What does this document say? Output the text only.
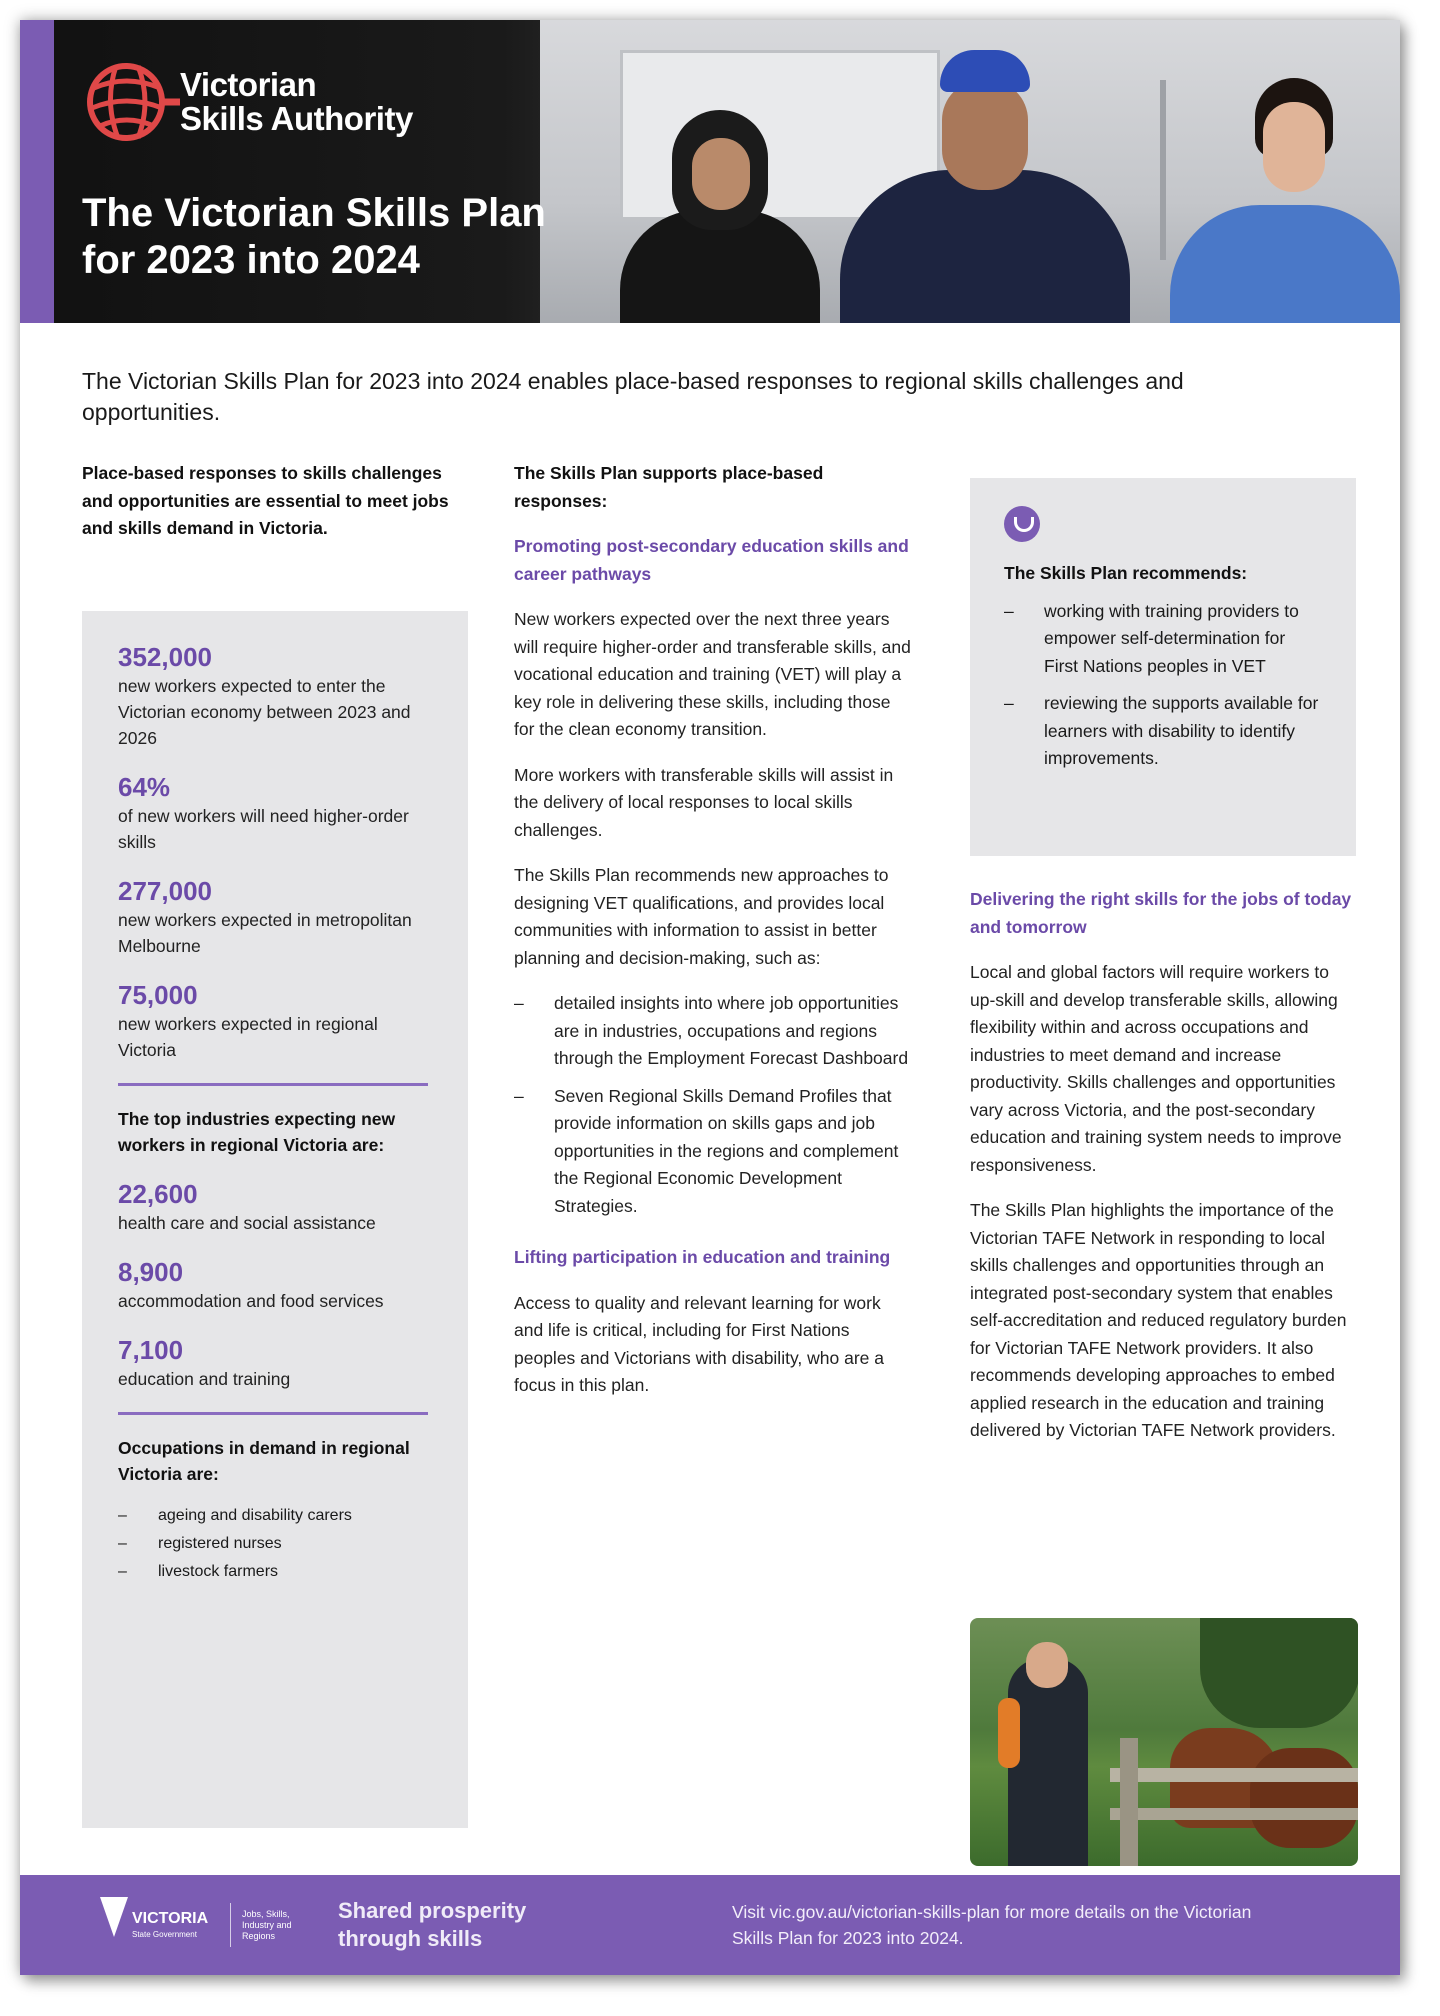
Victorian
Skills Authority
The Victorian Skills Plan
for 2023 into 2024
The Victorian Skills Plan for 2023 into 2024 enables place-based responses to regional skills challenges and opportunities.

Place-based responses to skills challenges and opportunities are essential to meet jobs and skills demand in Victoria.

352,000
new workers expected to enter the Victorian economy between 2023 and 2026
64%
of new workers will need higher-order skills
277,000
new workers expected in metropolitan Melbourne
75,000
new workers expected in regional Victoria
The top industries expecting new workers in regional Victoria are:
22,600
health care and social assistance
8,900
accommodation and food services
7,100
education and training
Occupations in demand in regional Victoria are:
– ageing and disability carers
– registered nurses
– livestock farmers

The Skills Plan supports place-based responses:

Promoting post-secondary education skills and career pathways

New workers expected over the next three years will require higher-order and transferable skills, and vocational education and training (VET) will play a key role in delivering these skills, including those for the clean economy transition.

More workers with transferable skills will assist in the delivery of local responses to local skills challenges.

The Skills Plan recommends new approaches to designing VET qualifications, and provides local communities with information to assist in better planning and decision-making, such as:

– detailed insights into where job opportunities are in industries, occupations and regions through the Employment Forecast Dashboard
– Seven Regional Skills Demand Profiles that provide information on skills gaps and job opportunities in the regions and complement the Regional Economic Development Strategies.

Lifting participation in education and training

Access to quality and relevant learning for work and life is critical, including for First Nations peoples and Victorians with disability, who are a focus in this plan.

The Skills Plan recommends:

– working with training providers to empower self-determination for First Nations peoples in VET
– reviewing the supports available for learners with disability to identify improvements.

Delivering the right skills for the jobs of today and tomorrow

Local and global factors will require workers to up-skill and develop transferable skills, allowing flexibility within and across occupations and industries to meet demand and increase productivity. Skills challenges and opportunities vary across Victoria, and the post-secondary education and training system needs to improve responsiveness.

The Skills Plan highlights the importance of the Victorian TAFE Network in responding to local skills challenges and opportunities through an integrated post-secondary system that enables self-accreditation and reduced regulatory burden for Victorian TAFE Network providers. It also recommends developing approaches to embed applied research in the education and training delivered by Victorian TAFE Network providers.

VICTORIA
State Government
Jobs, Skills, Industry and Regions
Shared prosperity
through skills
Visit vic.gov.au/victorian-skills-plan for more details on the Victorian Skills Plan for 2023 into 2024.
